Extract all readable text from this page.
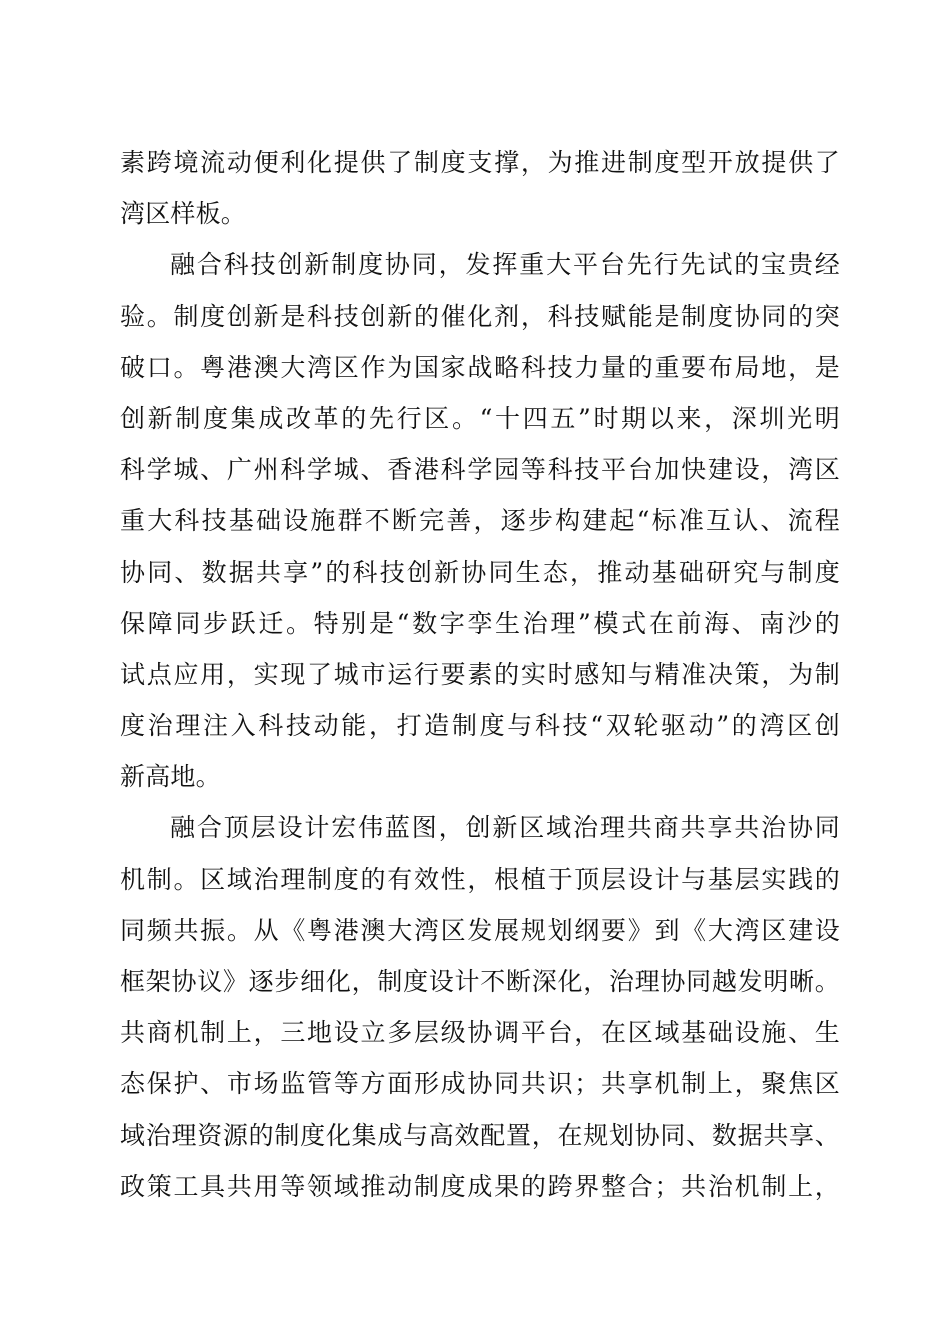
素跨境流动便利化提供了制度支撑，为推进制度型开放提供了
湾区样板。
融合科技创新制度协同，发挥重大平台先行先试的宝贵经
验。制度创新是科技创新的催化剂，科技赋能是制度协同的突
破口。粤港澳大湾区作为国家战略科技力量的重要布局地，是
创新制度集成改革的先行区。“十四五”时期以来，深圳光明
科学城、广州科学城、香港科学园等科技平台加快建设，湾区
重大科技基础设施群不断完善，逐步构建起“标准互认、流程
协同、数据共享”的科技创新协同生态，推动基础研究与制度
保障同步跃迁。特别是“数字孪生治理”模式在前海、南沙的
试点应用，实现了城市运行要素的实时感知与精准决策，为制
度治理注入科技动能，打造制度与科技“双轮驱动”的湾区创
新高地。
融合顶层设计宏伟蓝图，创新区域治理共商共享共治协同
机制。区域治理制度的有效性，根植于顶层设计与基层实践的
同频共振。从《粤港澳大湾区发展规划纲要》到《大湾区建设
框架协议》逐步细化，制度设计不断深化，治理协同越发明晰。
共商机制上，三地设立多层级协调平台，在区域基础设施、生
态保护、市场监管等方面形成协同共识；共享机制上，聚焦区
域治理资源的制度化集成与高效配置，在规划协同、数据共享、
政策工具共用等领域推动制度成果的跨界整合；共治机制上，
